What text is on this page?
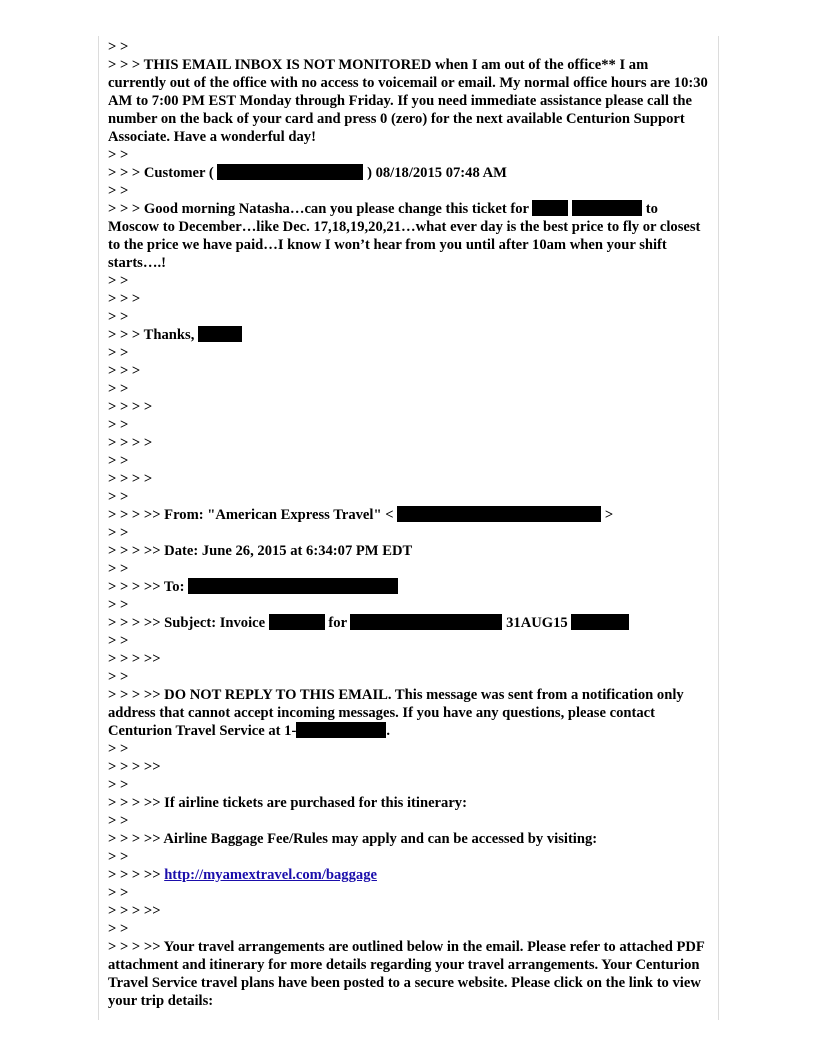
> >

> > > THIS EMAIL INBOX IS NOT MONITORED when I am out of the office** I am currently out of the office with no access to voicemail or email. My normal office hours are 10:30 AM to 7:00 PM EST Monday through Friday. If you need immediate assistance please call the number on the back of your card and press 0 (zero) for the next available Centurion Support Associate. Have a wonderful day!

> >

> > > Customer (	) 08/18/2015 07:48 AM

> >

> > > Good morning Natasha…can you please change this ticket for	to Moscow to December…like Dec. 17,18,19,20,21…what ever day is the best price to fly or closest to the price we have paid…I know I won’t hear from you until after 10am when your shift starts….!

> >

> > >

> >

> > > Thanks,

> >

> > >

> >

> > > >

> >

> > > >

> >

> > > >

> >

> > > >> From: "American Express Travel" <	>

> >

> > > >> Date: June 26, 2015 at 6:34:07 PM EDT

> >

> > > >> To:

> >

> > > >> Subject: Invoice	for	31AUG15

> >

> > > >>

> >

> > > >> DO NOT REPLY TO THIS EMAIL. This message was sent from a notification only address that cannot accept incoming messages. If you have any questions, please contact Centurion Travel Service at 1-	.

> >

> > > >>

> >

> > > >> If airline tickets are purchased for this itinerary:

> >

> > > >> Airline Baggage Fee/Rules may apply and can be accessed by visiting:

> >

> > > >> http://myamextravel.com/baggage

> >

> > > >>

> >

> > > >> Your travel arrangements are outlined below in the email. Please refer to attached PDF attachment and itinerary for more details regarding your travel arrangements. Your Centurion Travel Service travel plans have been posted to a secure website. Please click on the link to view your trip details:
